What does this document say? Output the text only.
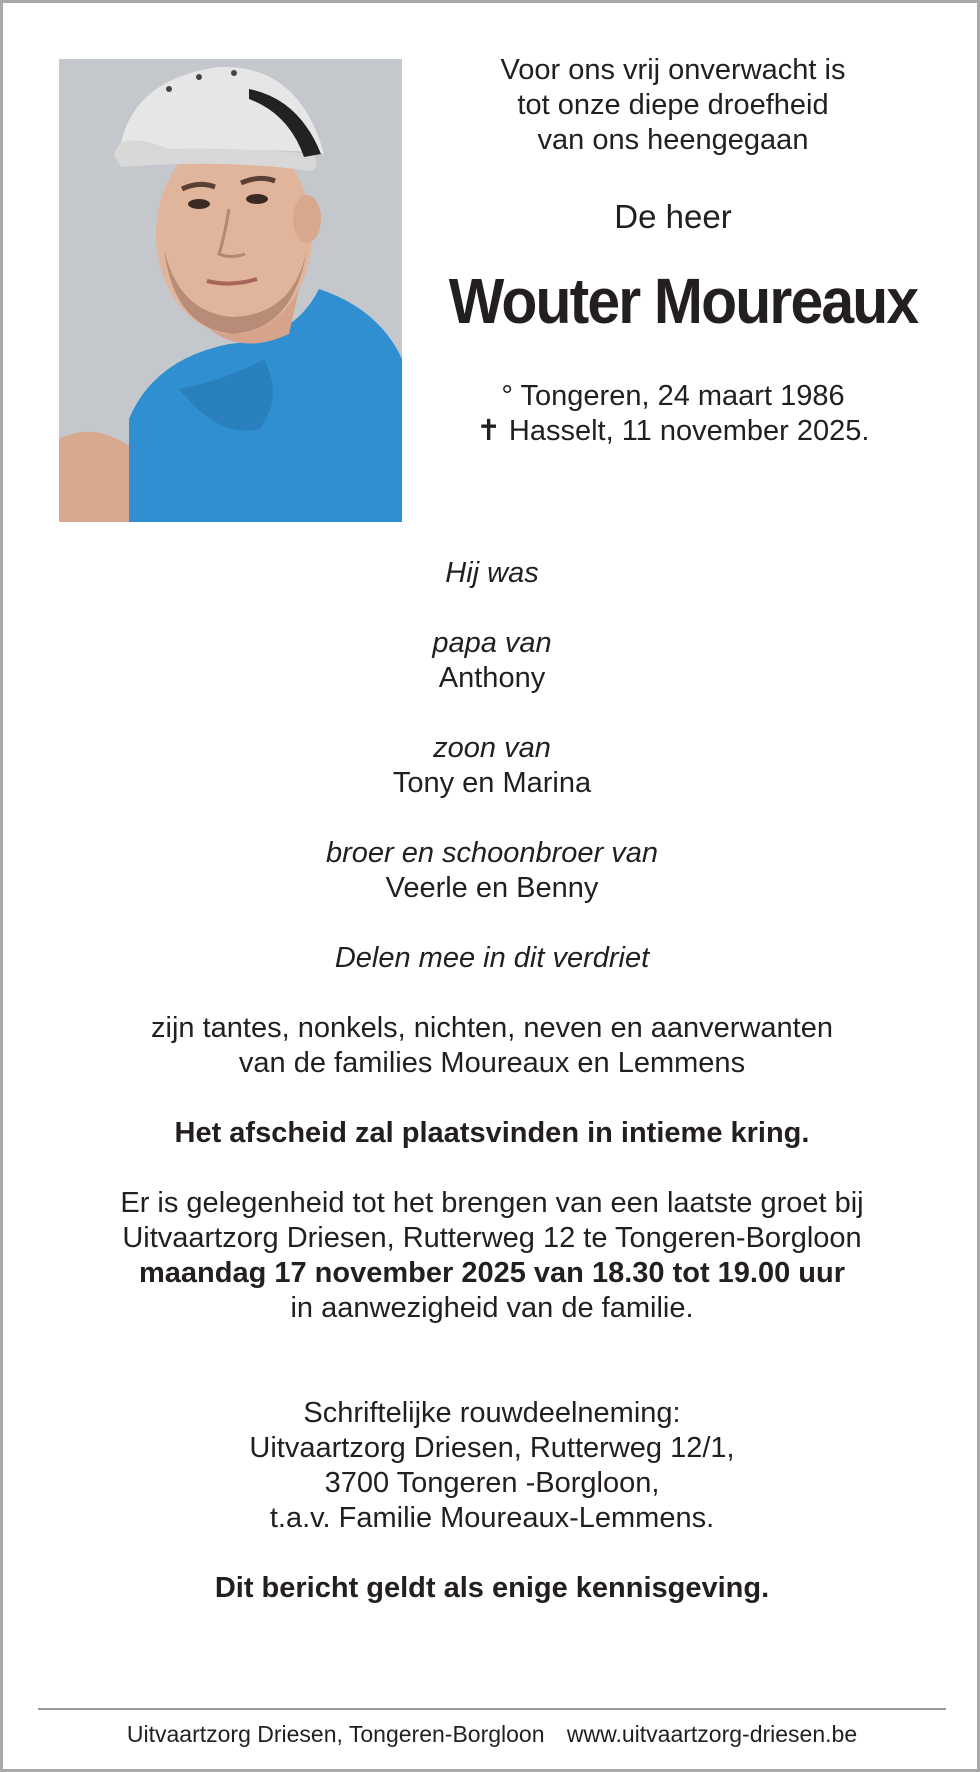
Voor ons vrij onverwacht is
tot onze diepe droefheid
van ons heengegaan
De heer
Wouter Moureaux
° Tongeren, 24 maart 1986
✝ Hasselt, 11 november 2025.

Hij was

papa van

Anthony

zoon van

Tony en Marina

broer en schoonbroer van

Veerle en Benny

Delen mee in dit verdriet

zijn tantes, nonkels, nichten, neven en aanverwanten

van de families Moureaux en Lemmens

Het afscheid zal plaatsvinden in intieme kring.

Er is gelegenheid tot het brengen van een laatste groet bij

Uitvaartzorg Driesen, Rutterweg 12 te Tongeren-Borgloon

maandag 17 november 2025 van 18.30 tot 19.00 uur

in aanwezigheid van de familie.

Schriftelijke rouwdeelneming:

Uitvaartzorg Driesen, Rutterweg 12/1,

3700 Tongeren -Borgloon,

t.a.v. Familie Moureaux-Lemmens.

Dit bericht geldt als enige kennisgeving.

Uitvaartzorg Driesen, Tongeren-Borgloon www.uitvaartzorg-driesen.be
